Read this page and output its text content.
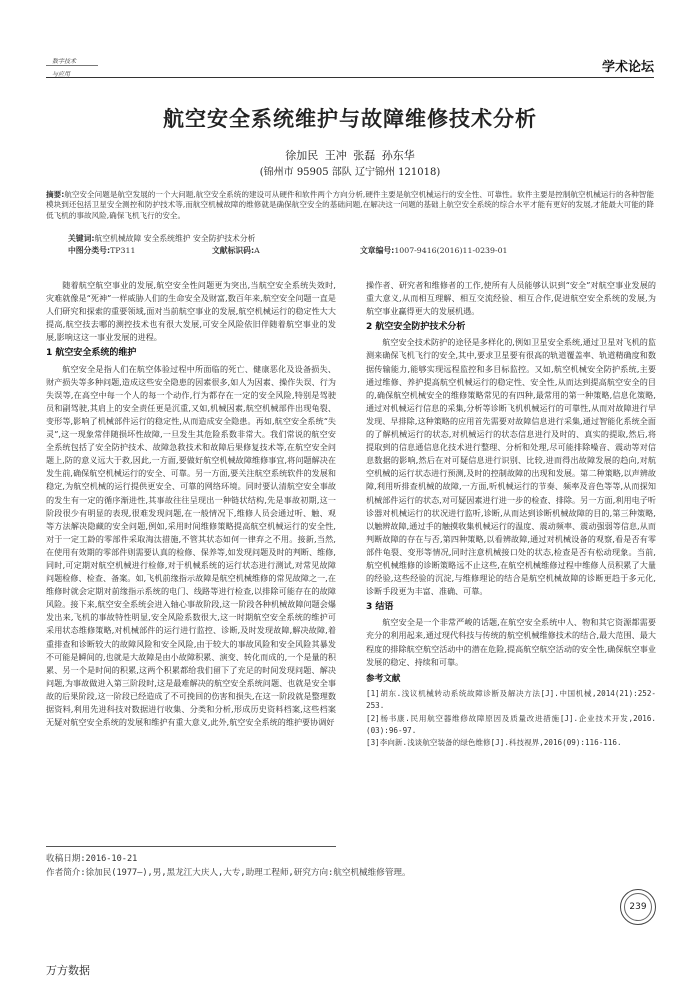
数字技术
与应用	学术论坛
航空安全系统维护与故障维修技术分析
徐加民 王冲 张磊 孙东华
(锦州市 95905 部队 辽宁锦州 121018)
摘要:航空安全问题是航空发展的一个大问题,航空安全系统的建设可从硬件和软件两个方向分析,硬件主要是航空机械运行的安全性、可靠性。软件主要是控制航空机械运行的各种智能模块到还包括卫星安全测控和防护技术等,而航空机械故障的维修就是确保航空安全的基础问题,在解决这一问题的基础上航空安全系统的综合水平才能有更好的发展,才能最大可能的降低飞机的事故风险,确保飞机飞行的安全。
关键词:航空机械故障 安全系统维护 安全防护技术分析
中图分类号:TP311	文献标识码:A	文章编号:1007-9416(2016)11-0239-01

随着航空航空事业的发展,航空安全性问题更为突出,当航空安全系统失效时,灾难就像是“死神”一样威胁人们的生命安全及财富,数百年来,航空安全问题一直是人们研究和探索的重要领域,面对当前航空事业的发展,航空机械运行的稳定性大大提高,航空技去哪的测控技术也有很大发展,可安全风险依旧伴随着航空事业的发展,影响这这一事业发展的进程。

1 航空安全系统的维护

航空安全是指人们在航空体验过程中所面临的死亡、健康恶化及设备损失、财产损失等多种问题,造成这些安全隐患的因素很多,如人为因素、操作失误、行为失误等,在高空中每一个人的每一个动作,行为都存在一定的安全风险,特别是驾驶员和副驾驶,其肩上的安全责任更是沉重,又如,机械因素,航空机械部件出现龟裂、变形等,影响了机械部件运行的稳定性,从而造成安全隐患。再如,航空安全系统“失灵”,这一现象常伴随损坏性故障,一旦发生其危险系数非常大。我们常说的航空安全系统包括了安全防护技术、故障急救技术和故障后果修复技术等,在航空安全问题上,防的意义远大于救,因此,一方面,要做好航空机械故障维修事宜,将问题解决在发生前,确保航空机械运行的安全、可靠。另一方面,要关注航空系统软件的发展和稳定,为航空机械的运行提供更安全、可靠的网络环境。同时要认清航空安全事故的发生有一定的循序渐进性,其事故往往呈现出一种链状结构,先是事故初期,这一阶段很少有明显的表现,很难发现问题,在一般情况下,维修人员会通过听、触、观等方法解决隐藏的安全问题,例如,采用时间维修策略提高航空机械运行的安全性,对于一定工龄的零部件采取淘汰措施,不管其状态如何一律弃之不用。接新,当然,在使用有效期的零部件则需要认真的检修、保养等,如发现问题及时的判断、维修,同时,可定期对航空机械进行检修,对于机械系统的运行状态进行测试,对常见故障问题检修、检查、备案。如,飞机前缘指示故障是航空机械维修的常见故障之一,在维修时就会定期对前缘指示系统的电门、线路等进行检查,以排除可能存在的故障风险。接下来,航空安全系统会进入轴心事故阶段,这一阶段各种机械故障问题会爆发出来,飞机的事故特性明显,安全风险系数很大,这一时期航空安全系统的维护可采用状态维修策略,对机械部件的运行进行监控、诊断,及时发现故障,解决故障,着重排查和诊断较大的故障风险和安全风险,由于较大的事故风险和安全风险其暴发不可能是瞬间的,也就是大故障是由小故障积累、演变、转化而成的,一个是量的积累、另一个是时间的积累,这两个积累都给我们留下了充足的时间发现问题、解决问题,为事故做进入第三阶段时,这是最难解决的航空安全系统问题、也就是安全事故的后果阶段,这一阶段已经造成了不可挽回的伤害和损失,在这一阶段就是整理数据资料,利用先进科技对数据进行收集、分类和分析,形成历史资料档案,这些档案无疑对航空安全系统的发展和维护有重大意义,此外,航空安全系统的维护要协调好

操作者、研究者和维修者的工作,使所有人员能够认识到“安全”对航空事业发展的重大意义,从而相互理解、相互交流经验、相互合作,促进航空安全系统的发展,为航空事业赢得更大的发展机遇。

2 航空安全防护技术分析

航空安全技术防护的途径是多样化的,例如卫星安全系统,通过卫星对飞机的监测来确保飞机飞行的安全,其中,要求卫星要有很高的轨道覆盖率、轨道精确度和数据传输能力,能够实现远程监控和多目标监控。又如,航空机械安全防护系统,主要通过维修、养护提高航空机械运行的稳定性、安全性,从而达到提高航空安全的目的,确保航空机械安全的维修策略常见的有四种,最常用的第一种策略,信息化策略,通过对机械运行信息的采集,分析等诊断飞机机械运行的可靠性,从而对故障进行早发现、早排除,这种策略的应用首先需要对故障信息进行采集,通过智能化系统全面的了解机械运行的状态,对机械运行的状态信息进行及时的、真实的提取,然后,将提取到的信息通信息化技术进行整理、分析和处理,尽可能排除噪音、震动等对信息数据的影响,然后在对可疑信息进行识别、比较,进而得出故障发展的趋向,对航空机械的运行状态进行预测,及时的控制故障的出现和发展。第二种策略,以声辨故障,利用听排查机械的故障,一方面,听机械运行的节奏、频率及音色等等,从而探知机械部件运行的状态,对可疑因素进行进一步的检查、排除。另一方面,利用电子听诊器对机械运行的状况进行监听,诊断,从而达到诊断机械故障的目的,第三种策略,以触辨故障,通过手的触摸收集机械运行的温度、震动频率、震动强弱等信息,从而判断故障的存在与否,第四种策略,以看辨故障,通过对机械设备的观察,看是否有零部件龟裂、变形等情况,同时注意机械接口处的状态,检查是否有松动现象。当前,航空机械维修的诊断策略远不止这些,在航空机械维修过程中维修人员积累了大量的经验,这些经验的沉淀,与维修理论的结合是航空机械故障的诊断更趋于多元化,诊断手段更为丰富、准确、可靠。

3 结语

航空安全是一个非常严峻的话题,在航空安全系统中人、物和其它资源都需要充分的利用起来,通过现代科技与传统的航空机械维修技术的结合,最大范围、最大程度的排除航空航空活动中的潜在危险,提高航空航空活动的安全性,确保航空事业发展的稳定、持续和可靠。

参考文献

[1]胡东.浅议机械转动系统故障诊断及解决方法[J].中国机械,2014(21):252-253.

[2]杨书康.民用航空器维修故障原因及质量改进措施[J].企业技术开发,2016.(03):96-97.

[3]李向新.浅谈航空装备的绿色维修[J].科技视界,2016(09):116-116.

收稿日期:2016-10-21
作者简介:徐加民(1977—),男,黑龙江大庆人,大专,助理工程师,研究方向:航空机械维修管理。
239
万方数据
